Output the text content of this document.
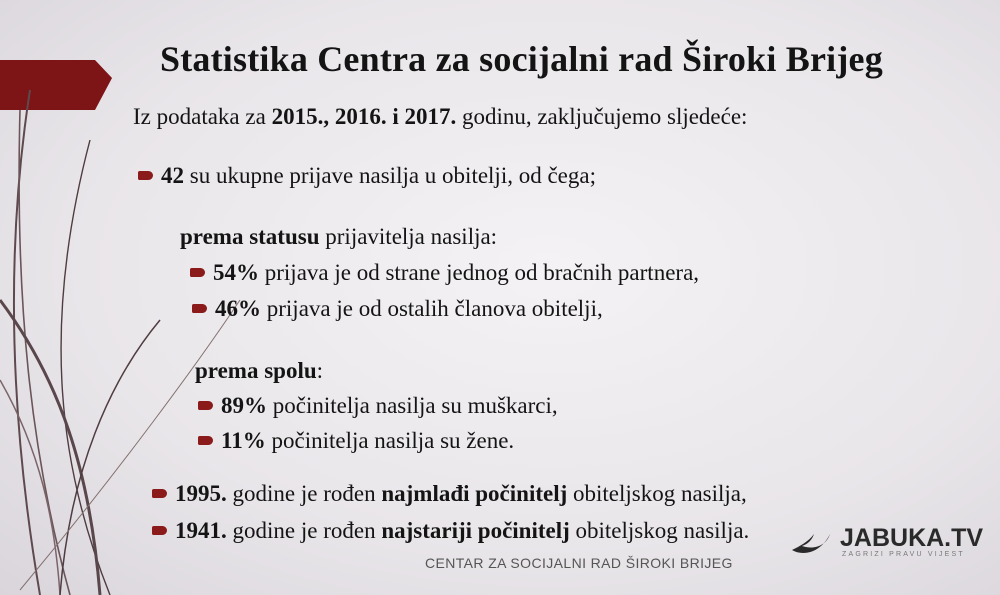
Statistika Centra za socijalni rad Široki Brijeg
Iz podataka za 2015., 2016. i 2017. godinu, zaključujemo sljedeće:
42 su ukupne prijave nasilja u obitelji, od čega;
prema statusu prijavitelja nasilja:
54% prijava je od strane jednog od bračnih partnera,
46% prijava je od ostalih članova obitelji,
prema spolu:
89% počinitelja nasilja su muškarci,
11% počinitelja nasilja su žene.
1995. godine je rođen najmlađi počinitelj obiteljskog nasilja,
1941. godine je rođen najstariji počinitelj obiteljskog nasilja.
CENTAR ZA SOCIJALNI RAD ŠIROKI BRIJEG
JABUKA.TV
ZAGRIZI PRAVU VIJEST
